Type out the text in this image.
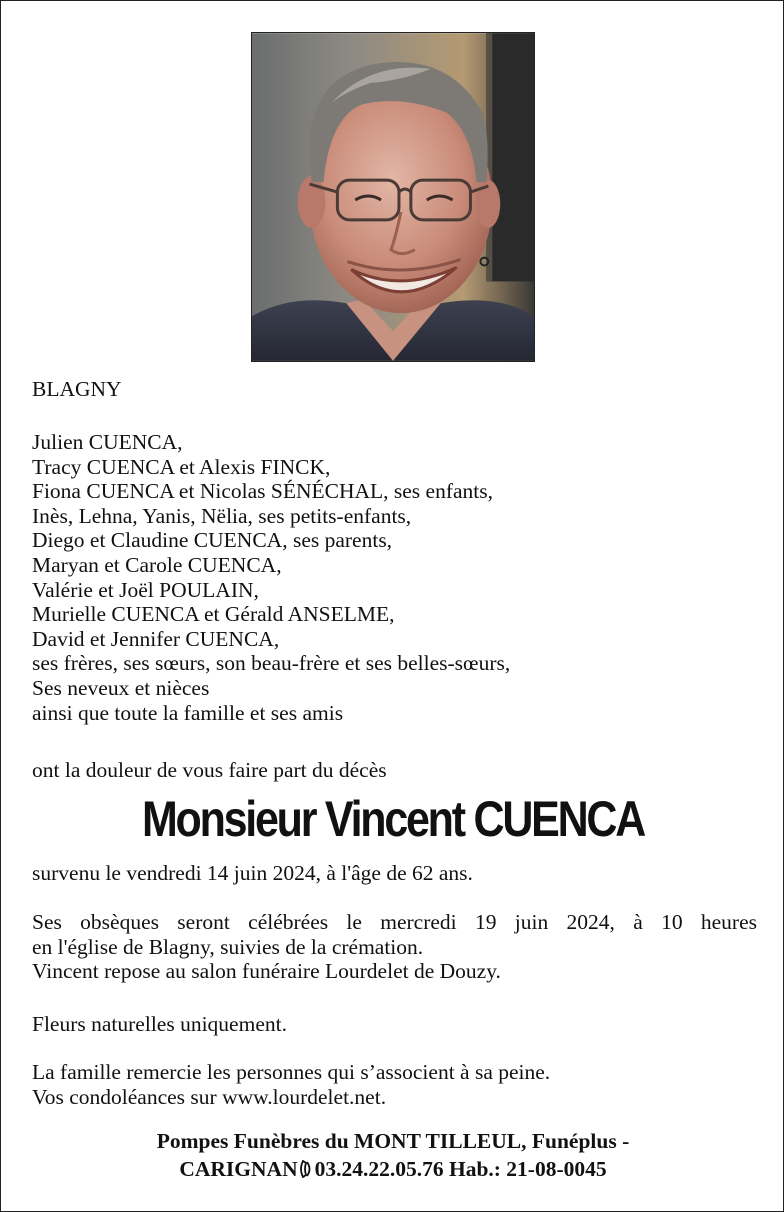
BLAGNY
Julien CUENCA,
Tracy CUENCA et Alexis FINCK,
Fiona CUENCA et Nicolas SÉNÉCHAL, ses enfants,
Inès, Lehna, Yanis, Nëlia, ses petits-enfants,
Diego et Claudine CUENCA, ses parents,
Maryan et Carole CUENCA,
Valérie et Joël POULAIN,
Murielle CUENCA et Gérald ANSELME,
David et Jennifer CUENCA,
ses frères, ses sœurs, son beau-frère et ses belles-sœurs,
Ses neveux et nièces
ainsi que toute la famille et ses amis
ont la douleur de vous faire part du décès
Monsieur Vincent CUENCA
survenu le vendredi 14 juin 2024, à l'âge de 62 ans.
Ses obsèques seront célébrées le mercredi 19 juin 2024, à 10 heures
en l'église de Blagny, suivies de la crémation.
Vincent repose au salon funéraire Lourdelet de Douzy.
Fleurs naturelles uniquement.
La famille remercie les personnes qui s’associent à sa peine.
Vos condoléances sur www.lourdelet.net.
Pompes Funèbres du MONT TILLEUL, Funéplus -
CARIGNAN 03.24.22.05.76 Hab.: 21-08-0045
